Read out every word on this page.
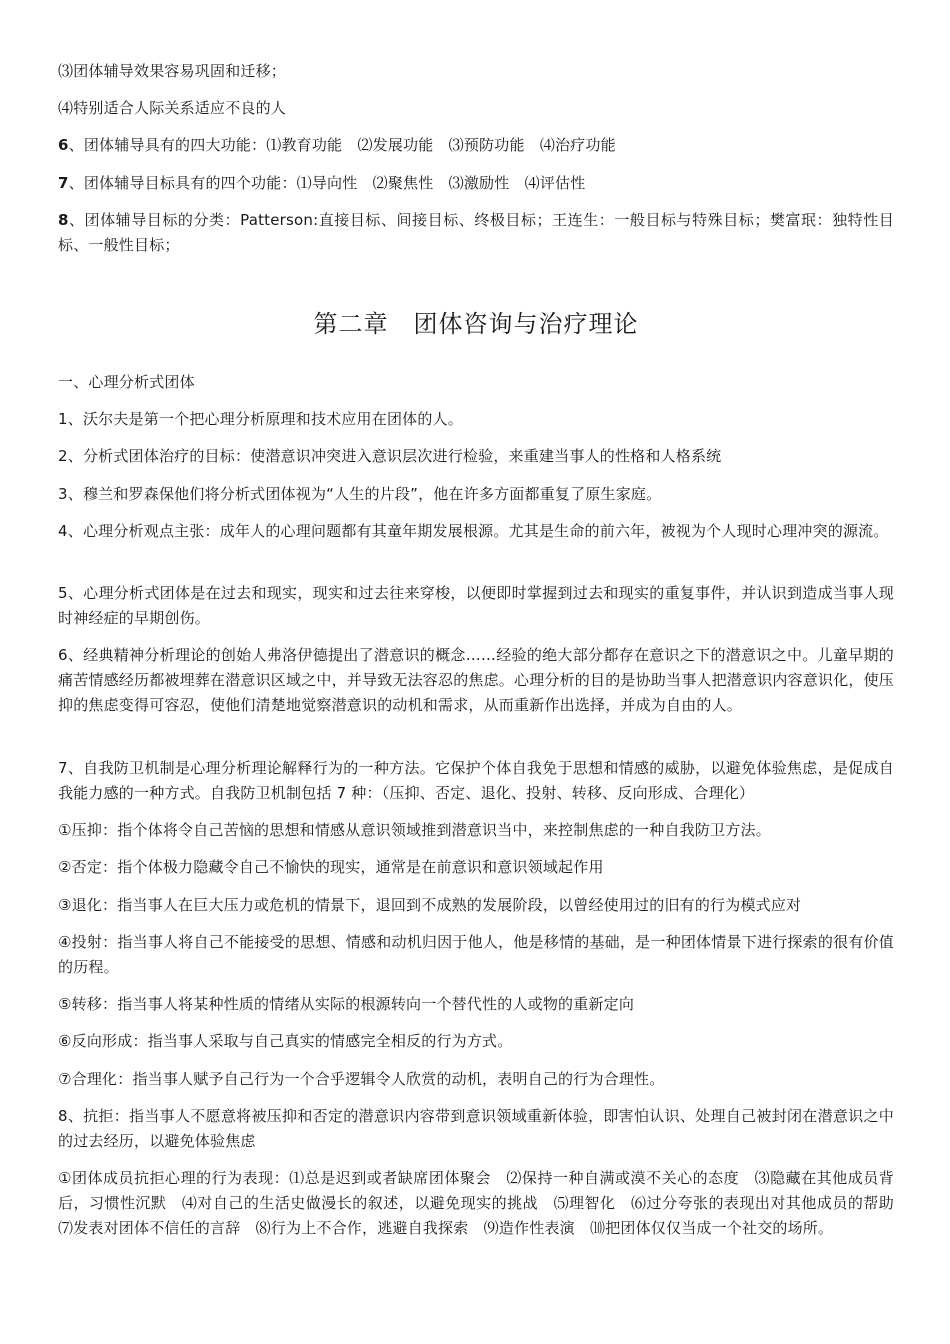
⑶团体辅导效果容易巩固和迁移；

⑷特别适合人际关系适应不良的人

6、团体辅导具有的四大功能：⑴教育功能　⑵发展功能　⑶预防功能　⑷治疗功能

7、团体辅导目标具有的四个功能：⑴导向性　⑵聚焦性　⑶激励性　⑷评估性

8、团体辅导目标的分类：Patterson:直接目标、间接目标、终极目标；王连生：一般目标与特殊目标；樊富珉：独特性目标、一般性目标；

第二章　团体咨询与治疗理论

一、心理分析式团体

1、沃尔夫是第一个把心理分析原理和技术应用在团体的人。

2、分析式团体治疗的目标：使潜意识冲突进入意识层次进行检验，来重建当事人的性格和人格系统

3、穆兰和罗森保他们将分析式团体视为“人生的片段”，他在许多方面都重复了原生家庭。

4、心理分析观点主张：成年人的心理问题都有其童年期发展根源。尤其是生命的前六年，被视为个人现时心理冲突的源流。

5、心理分析式团体是在过去和现实，现实和过去往来穿梭，以便即时掌握到过去和现实的重复事件，并认识到造成当事人现时神经症的早期创伤。

6、经典精神分析理论的创始人弗洛伊德提出了潜意识的概念……经验的绝大部分都存在意识之下的潜意识之中。儿童早期的痛苦情感经历都被埋葬在潜意识区域之中，并导致无法容忍的焦虑。心理分析的目的是协助当事人把潜意识内容意识化，使压抑的焦虑变得可容忍，使他们清楚地觉察潜意识的动机和需求，从而重新作出选择，并成为自由的人。

7、自我防卫机制是心理分析理论解释行为的一种方法。它保护个体自我免于思想和情感的威胁，以避免体验焦虑，是促成自我能力感的一种方式。自我防卫机制包括 7 种：（压抑、否定、退化、投射、转移、反向形成、合理化）

①压抑：指个体将令自己苦恼的思想和情感从意识领域推到潜意识当中，来控制焦虑的一种自我防卫方法。

②否定：指个体极力隐藏令自己不愉快的现实，通常是在前意识和意识领域起作用

③退化：指当事人在巨大压力或危机的情景下，退回到不成熟的发展阶段，以曾经使用过的旧有的行为模式应对

④投射：指当事人将自己不能接受的思想、情感和动机归因于他人，他是移情的基础，是一种团体情景下进行探索的很有价值的历程。

⑤转移：指当事人将某种性质的情绪从实际的根源转向一个替代性的人或物的重新定向

⑥反向形成：指当事人采取与自己真实的情感完全相反的行为方式。

⑦合理化：指当事人赋予自己行为一个合乎逻辑令人欣赏的动机，表明自己的行为合理性。

8、抗拒：指当事人不愿意将被压抑和否定的潜意识内容带到意识领域重新体验，即害怕认识、处理自己被封闭在潜意识之中的过去经历，以避免体验焦虑

①团体成员抗拒心理的行为表现：⑴总是迟到或者缺席团体聚会　⑵保持一种自满或漠不关心的态度　⑶隐藏在其他成员背后，习惯性沉默　⑷对自己的生活史做漫长的叙述，以避免现实的挑战　⑸理智化　⑹过分夸张的表现出对其他成员的帮助　⑺发表对团体不信任的言辞　⑻行为上不合作，逃避自我探索　⑼造作性表演　⑽把团体仅仅当成一个社交的场所。
